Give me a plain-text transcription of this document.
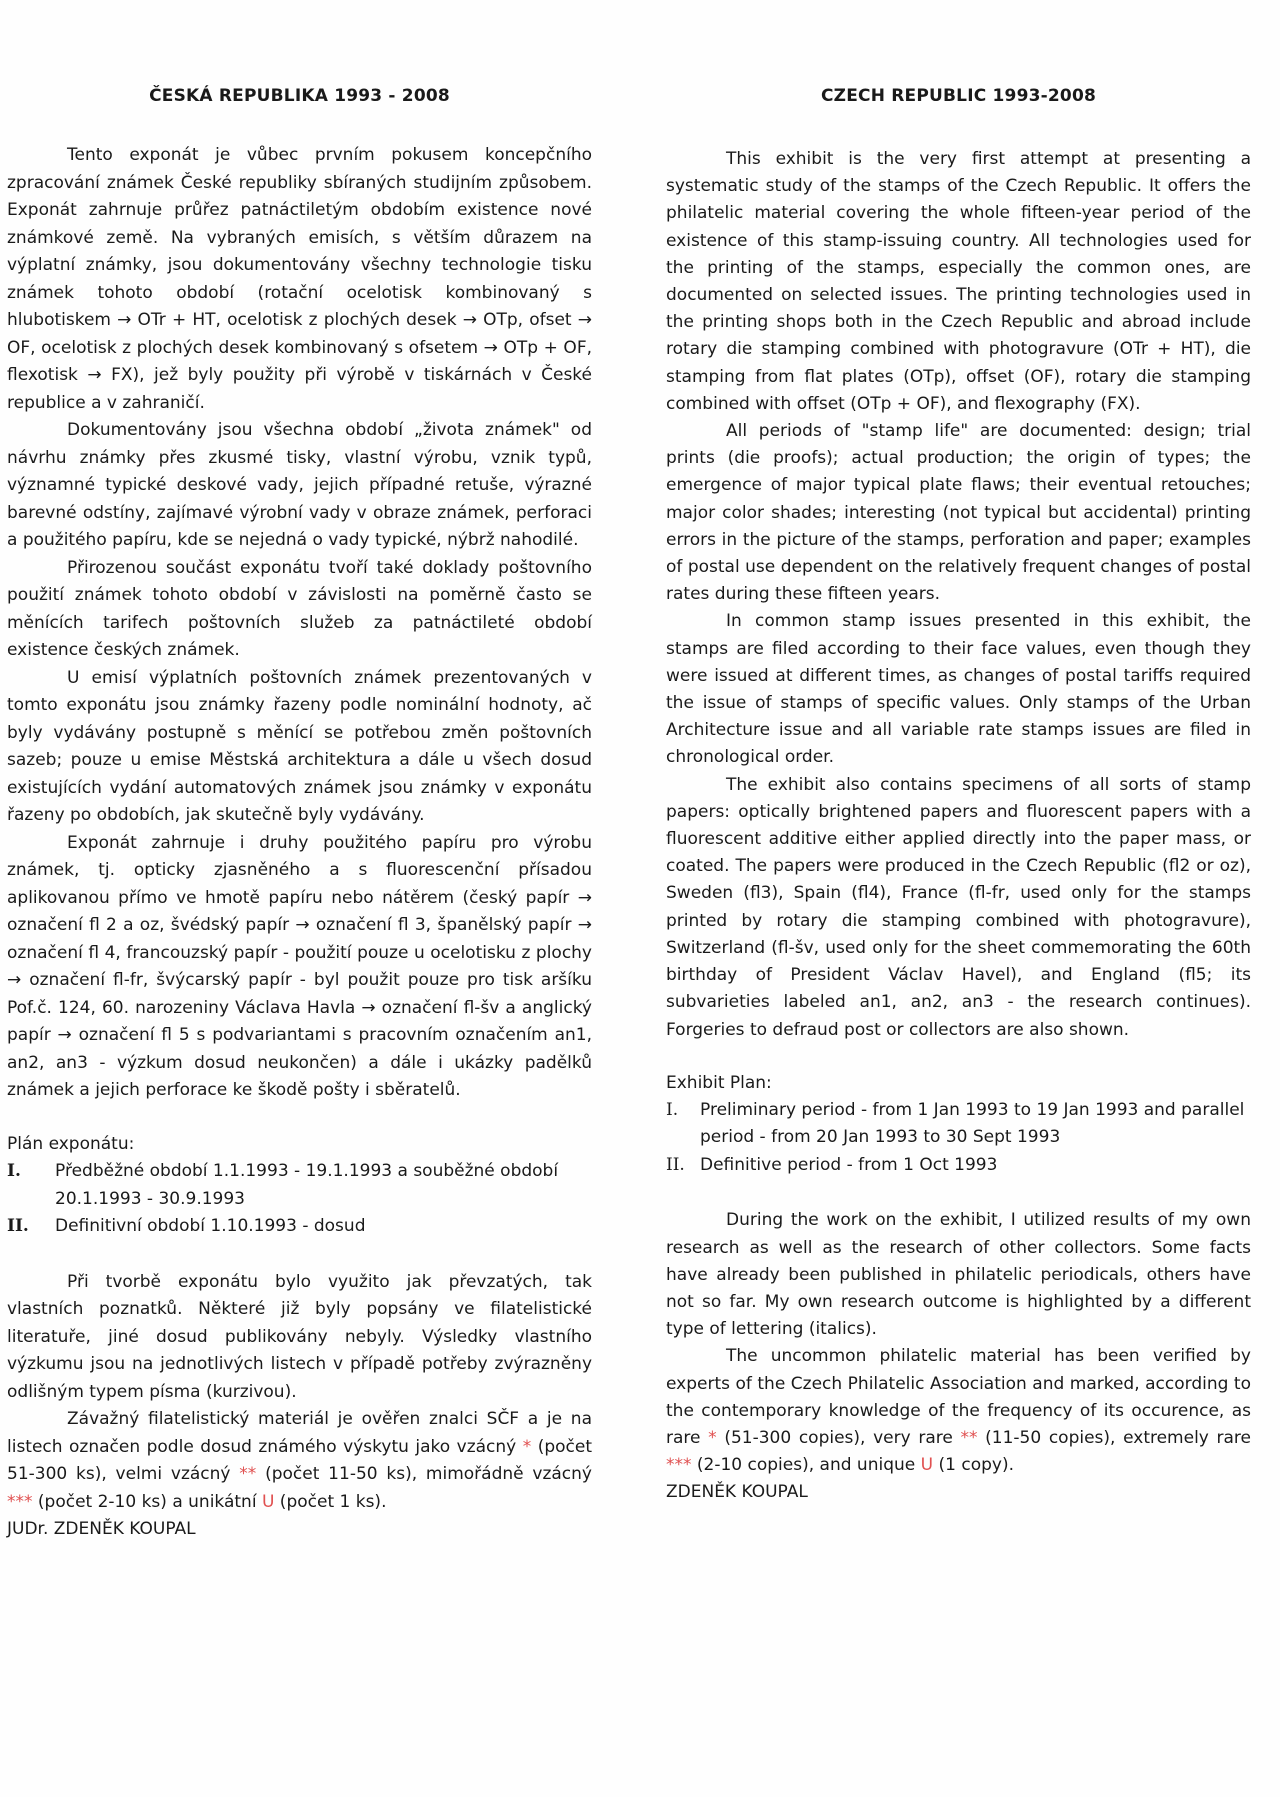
ČESKÁ REPUBLIKA 1993 - 2008

Tento exponát je vůbec prvním pokusem koncepčního zpracování známek České republiky sbíraných studijním způsobem. Exponát zahrnuje průřez patnáctiletým obdobím existence nové známkové země. Na vybraných emisích, s větším důrazem na výplatní známky, jsou dokumentovány všechny technologie tisku známek tohoto období (rotační ocelotisk kombinovaný s hlubotiskem → OTr + HT, ocelotisk z plochých desek → OTp, ofset → OF, ocelotisk z plochých desek kombinovaný s ofsetem → OTp + OF, flexotisk → FX), jež byly použity při výrobě v tiskárnách v České republice a v zahraničí.

Dokumentovány jsou všechna období „života známek" od návrhu známky přes zkusmé tisky, vlastní výrobu, vznik typů, významné typické deskové vady, jejich případné retuše, výrazné barevné odstíny, zajímavé výrobní vady v obraze známek, perforaci a použitého papíru, kde se nejedná o vady typické, nýbrž nahodilé.

Přirozenou součást exponátu tvoří také doklady poštovního použití známek tohoto období v závislosti na poměrně často se měnících tarifech poštovních služeb za patnáctileté období existence českých známek.

U emisí výplatních poštovních známek prezentovaných v tomto exponátu jsou známky řazeny podle nominální hodnoty, ač byly vydávány postupně s měnící se potřebou změn poštovních sazeb; pouze u emise Městská architektura a dále u všech dosud existujících vydání automatových známek jsou známky v exponátu řazeny po obdobích, jak skutečně byly vydávány.

Exponát zahrnuje i druhy použitého papíru pro výrobu známek, tj. opticky zjasněného a s fluorescenční přísadou aplikovanou přímo ve hmotě papíru nebo nátěrem (český papír → označení fl 2 a oz, švédský papír → označení fl 3, španělský papír → označení fl 4, francouzský papír - použití pouze u ocelotisku z plochy → označení fl-fr, švýcarský papír - byl použit pouze pro tisk aršíku Pof.č. 124, 60. narozeniny Václava Havla → označení fl-šv a anglický papír → označení fl 5 s podvariantami s pracovním označením an1, an2, an3 - výzkum dosud neukončen) a dále i ukázky padělků známek a jejich perforace ke škodě pošty i sběratelů.

Plán exponátu:

I.	Předběžné období 1.1.1993 - 19.1.1993 a souběžné období 20.1.1993 - 30.9.1993
II.	Definitivní období 1.10.1993 - dosud

Při tvorbě exponátu bylo využito jak převzatých, tak vlastních poznatků. Některé již byly popsány ve filatelistické literatuře, jiné dosud publikovány nebyly. Výsledky vlastního výzkumu jsou na jednotlivých listech v případě potřeby zvýrazněny odlišným typem písma (kurzivou).

Závažný filatelistický materiál je ověřen znalci SČF a je na listech označen podle dosud známého výskytu jako vzácný * (počet 51-300 ks), velmi vzácný ** (počet 11-50 ks), mimořádně vzácný *** (počet 2-10 ks) a unikátní U (počet 1 ks).

JUDr. ZDENĚK KOUPAL

CZECH REPUBLIC 1993-2008

This exhibit is the very first attempt at presenting a systematic study of the stamps of the Czech Republic. It offers the philatelic material covering the whole fifteen-year period of the existence of this stamp-issuing country. All technologies used for the printing of the stamps, especially the common ones, are documented on selected issues. The printing technologies used in the printing shops both in the Czech Republic and abroad include rotary die stamping combined with photogravure (OTr + HT), die stamping from flat plates (OTp), offset (OF), rotary die stamping combined with offset (OTp + OF), and flexography (FX).

All periods of "stamp life" are documented: design; trial prints (die proofs); actual production; the origin of types; the emergence of major typical plate flaws; their eventual retouches; major color shades; interesting (not typical but accidental) printing errors in the picture of the stamps, perforation and paper; examples of postal use dependent on the relatively frequent changes of postal rates during these fifteen years.

In common stamp issues presented in this exhibit, the stamps are filed according to their face values, even though they were issued at different times, as changes of postal tariffs required the issue of stamps of specific values. Only stamps of the Urban Architecture issue and all variable rate stamps issues are filed in chronological order.

The exhibit also contains specimens of all sorts of stamp papers: optically brightened papers and fluorescent papers with a fluorescent additive either applied directly into the paper mass, or coated. The papers were produced in the Czech Republic (fl2 or oz), Sweden (fl3), Spain (fl4), France (fl-fr, used only for the stamps printed by rotary die stamping combined with photogravure), Switzerland (fl-šv, used only for the sheet commemorating the 60th birthday of President Václav Havel), and England (fl5; its subvarieties labeled an1, an2, an3 - the research continues). Forgeries to defraud post or collectors are also shown.

Exhibit Plan:

I.	Preliminary period - from 1 Jan 1993 to 19 Jan 1993 and parallel period - from 20 Jan 1993 to 30 Sept 1993
II. Definitive period - from 1 Oct 1993

During the work on the exhibit, I utilized results of my own research as well as the research of other collectors. Some facts have already been published in philatelic periodicals, others have not so far. My own research outcome is highlighted by a different type of lettering (italics).

The uncommon philatelic material has been verified by experts of the Czech Philatelic Association and marked, according to the contemporary knowledge of the frequency of its occurence, as rare * (51-300 copies), very rare ** (11-50 copies), extremely rare *** (2-10 copies), and unique U (1 copy).

ZDENĚK KOUPAL
